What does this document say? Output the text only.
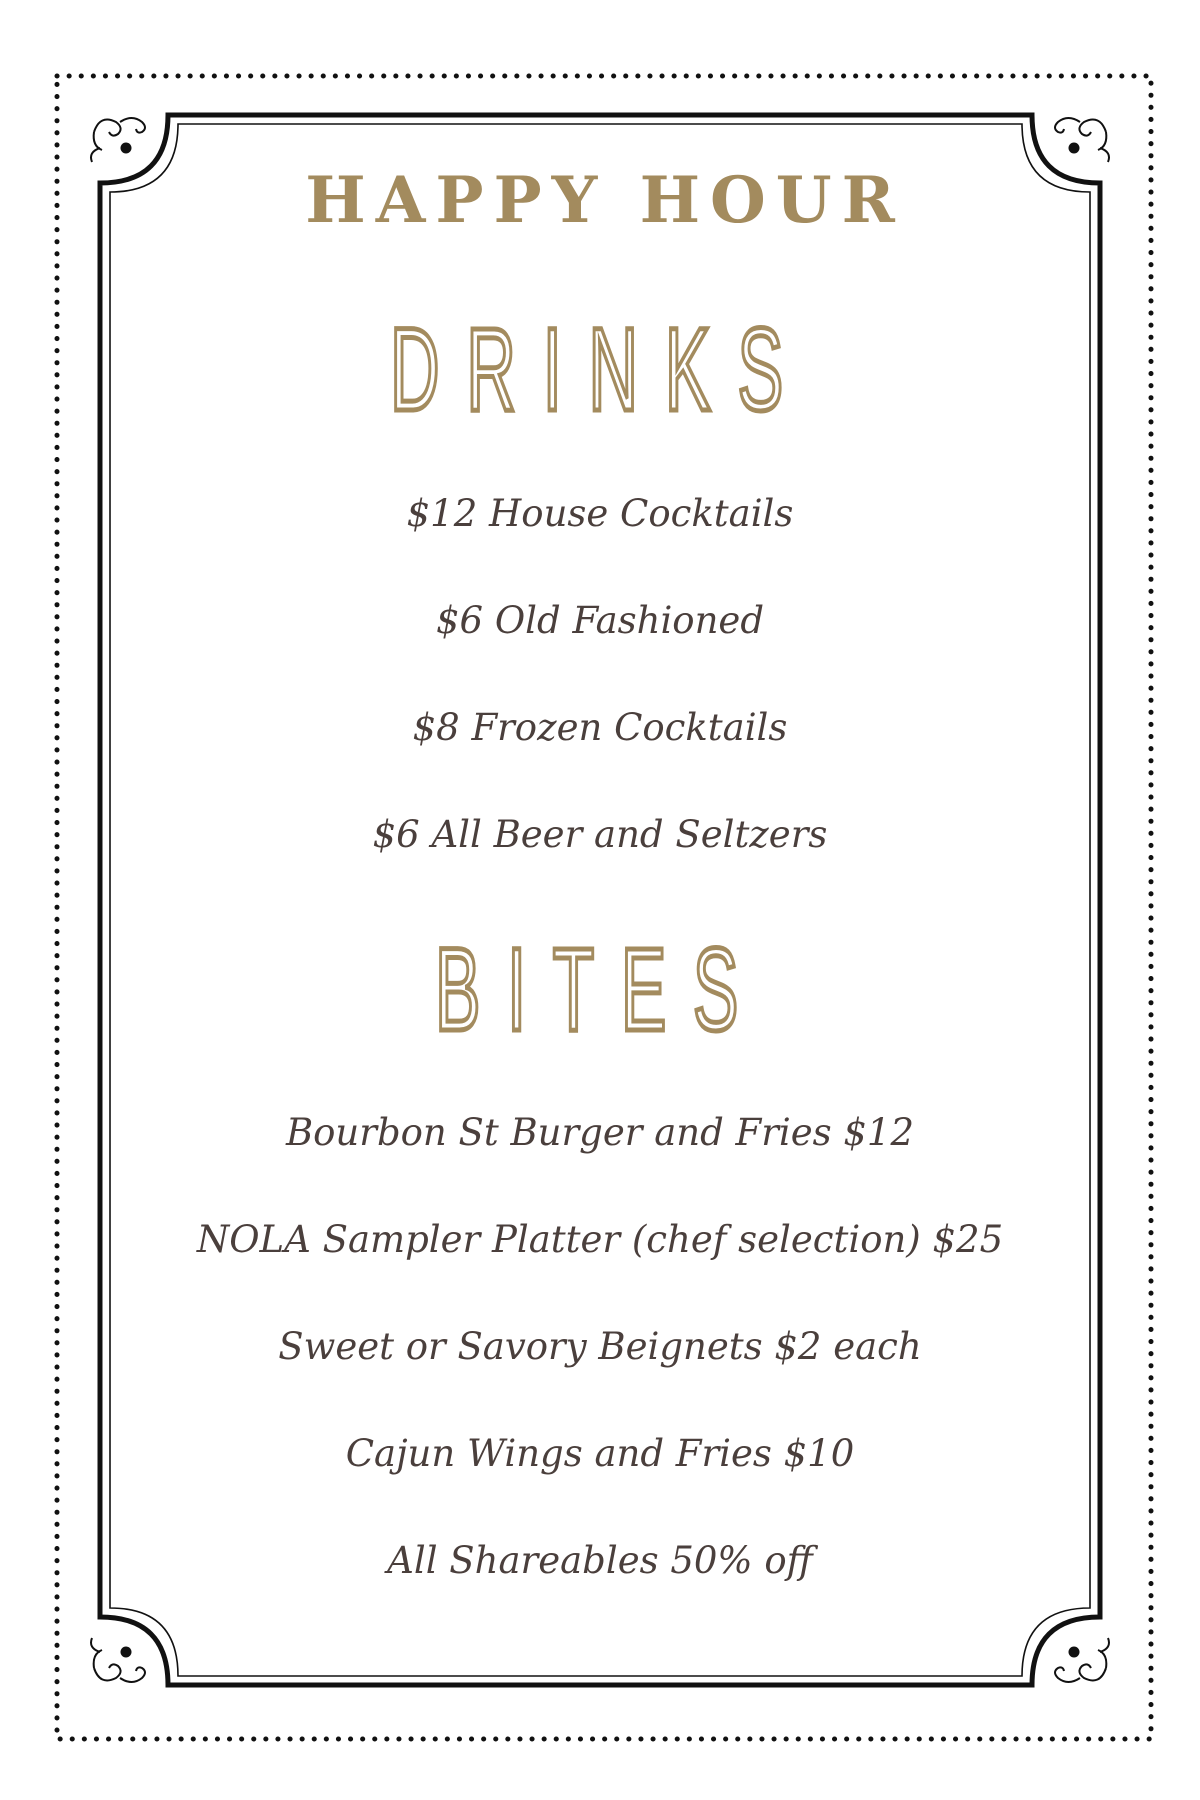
HAPPY HOUR
DRINKS

$12 House Cocktails

$6 Old Fashioned

$8 Frozen Cocktails

$6 All Beer and Seltzers

BITES

Bourbon St Burger and Fries $12

NOLA Sampler Platter (chef selection) $25

Sweet or Savory Beignets $2 each

Cajun Wings and Fries $10

All Shareables 50% off
